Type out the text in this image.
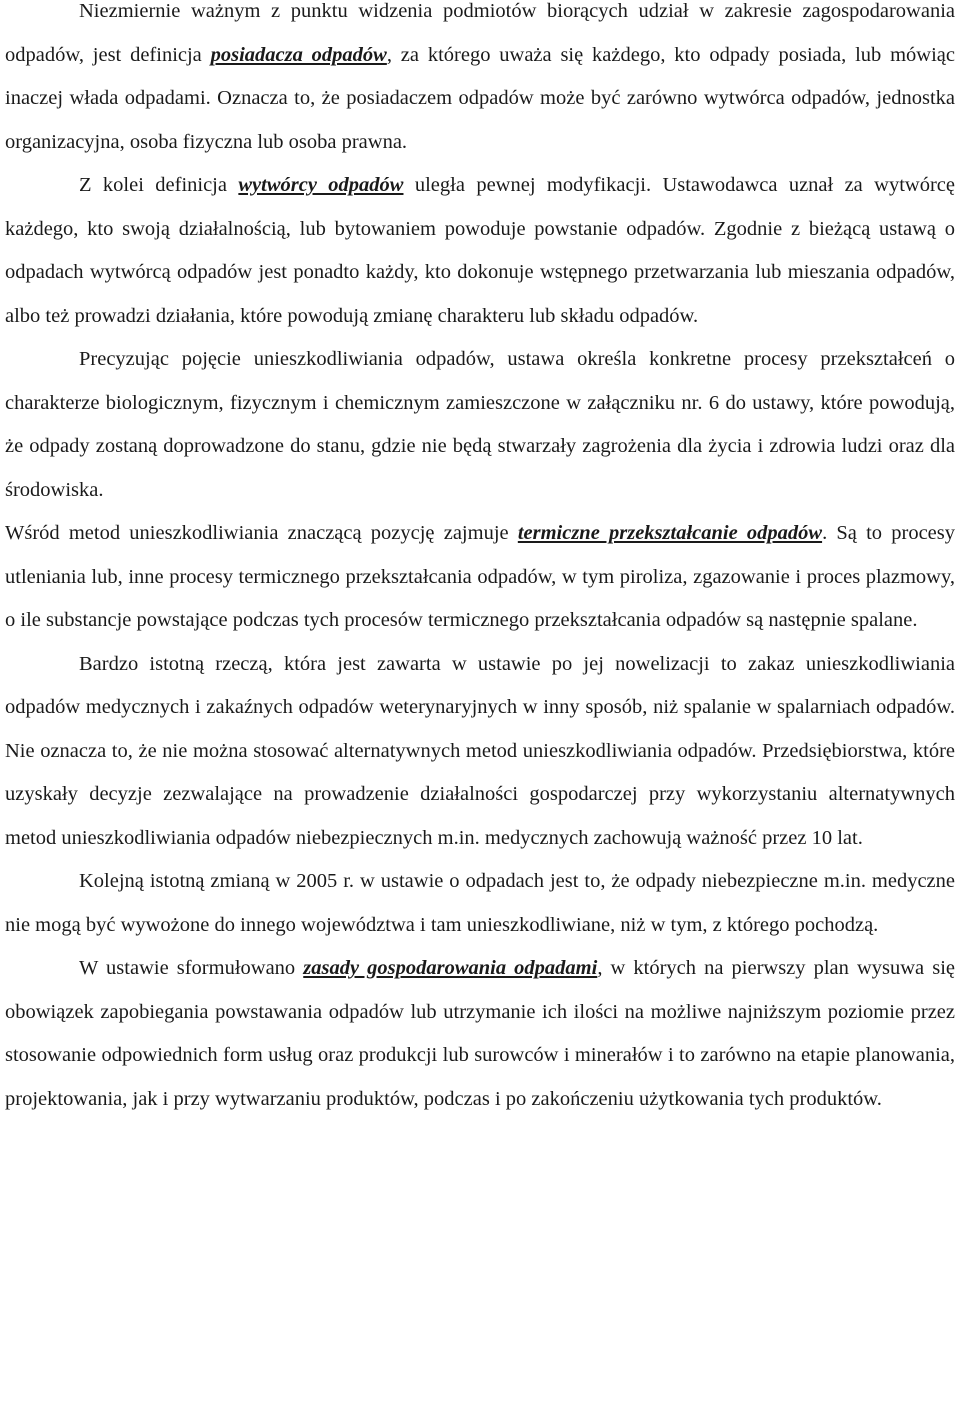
Niezmiernie ważnym z punktu widzenia podmiotów biorących udział w zakresie zagospodarowania odpadów, jest definicja posiadacza odpadów, za którego uważa się każdego, kto odpady posiada, lub mówiąc inaczej włada odpadami. Oznacza to, że posiadaczem odpadów może być zarówno wytwórca odpadów, jednostka organizacyjna, osoba fizyczna lub osoba prawna.

Z kolei definicja wytwórcy odpadów uległa pewnej modyfikacji. Ustawodawca uznał za wytwórcę każdego, kto swoją działalnością, lub bytowaniem powoduje powstanie odpadów. Zgodnie z bieżącą ustawą o odpadach wytwórcą odpadów jest ponadto każdy, kto dokonuje wstępnego przetwarzania lub mieszania odpadów, albo też prowadzi działania, które powodują zmianę charakteru lub składu odpadów.

Precyzując pojęcie unieszkodliwiania odpadów, ustawa określa konkretne procesy przekształceń o charakterze biologicznym, fizycznym i chemicznym zamieszczone w załączniku nr. 6 do ustawy, które powodują, że odpady zostaną doprowadzone do stanu, gdzie nie będą stwarzały zagrożenia dla życia i zdrowia ludzi oraz dla środowiska.

Wśród metod unieszkodliwiania znaczącą pozycję zajmuje termiczne przekształcanie odpadów. Są to procesy utleniania lub, inne procesy termicznego przekształcania odpadów, w tym piroliza, zgazowanie i proces plazmowy, o ile substancje powstające podczas tych procesów termicznego przekształcania odpadów są następnie spalane.

Bardzo istotną rzeczą, która jest zawarta w ustawie po jej nowelizacji to zakaz unieszkodliwiania odpadów medycznych i zakaźnych odpadów weterynaryjnych w inny sposób, niż spalanie w spalarniach odpadów. Nie oznacza to, że nie można stosować alternatywnych metod unieszkodliwiania odpadów. Przedsiębiorstwa, które uzyskały decyzje zezwalające na prowadzenie działalności gospodarczej przy wykorzystaniu alternatywnych metod unieszkodliwiania odpadów niebezpiecznych m.in. medycznych zachowują ważność przez 10 lat.

Kolejną istotną zmianą w 2005 r. w ustawie o odpadach jest to, że odpady niebezpieczne m.in. medyczne nie mogą być wywożone do innego województwa i tam unieszkodliwiane, niż w tym, z którego pochodzą.

W ustawie sformułowano zasady gospodarowania odpadami, w których na pierwszy plan wysuwa się obowiązek zapobiegania powstawania odpadów lub utrzymanie ich ilości na możliwe najniższym poziomie przez stosowanie odpowiednich form usług oraz produkcji lub surowców i minerałów i to zarówno na etapie planowania, projektowania, jak i przy wytwarzaniu produktów, podczas i po zakończeniu użytkowania tych produktów.
